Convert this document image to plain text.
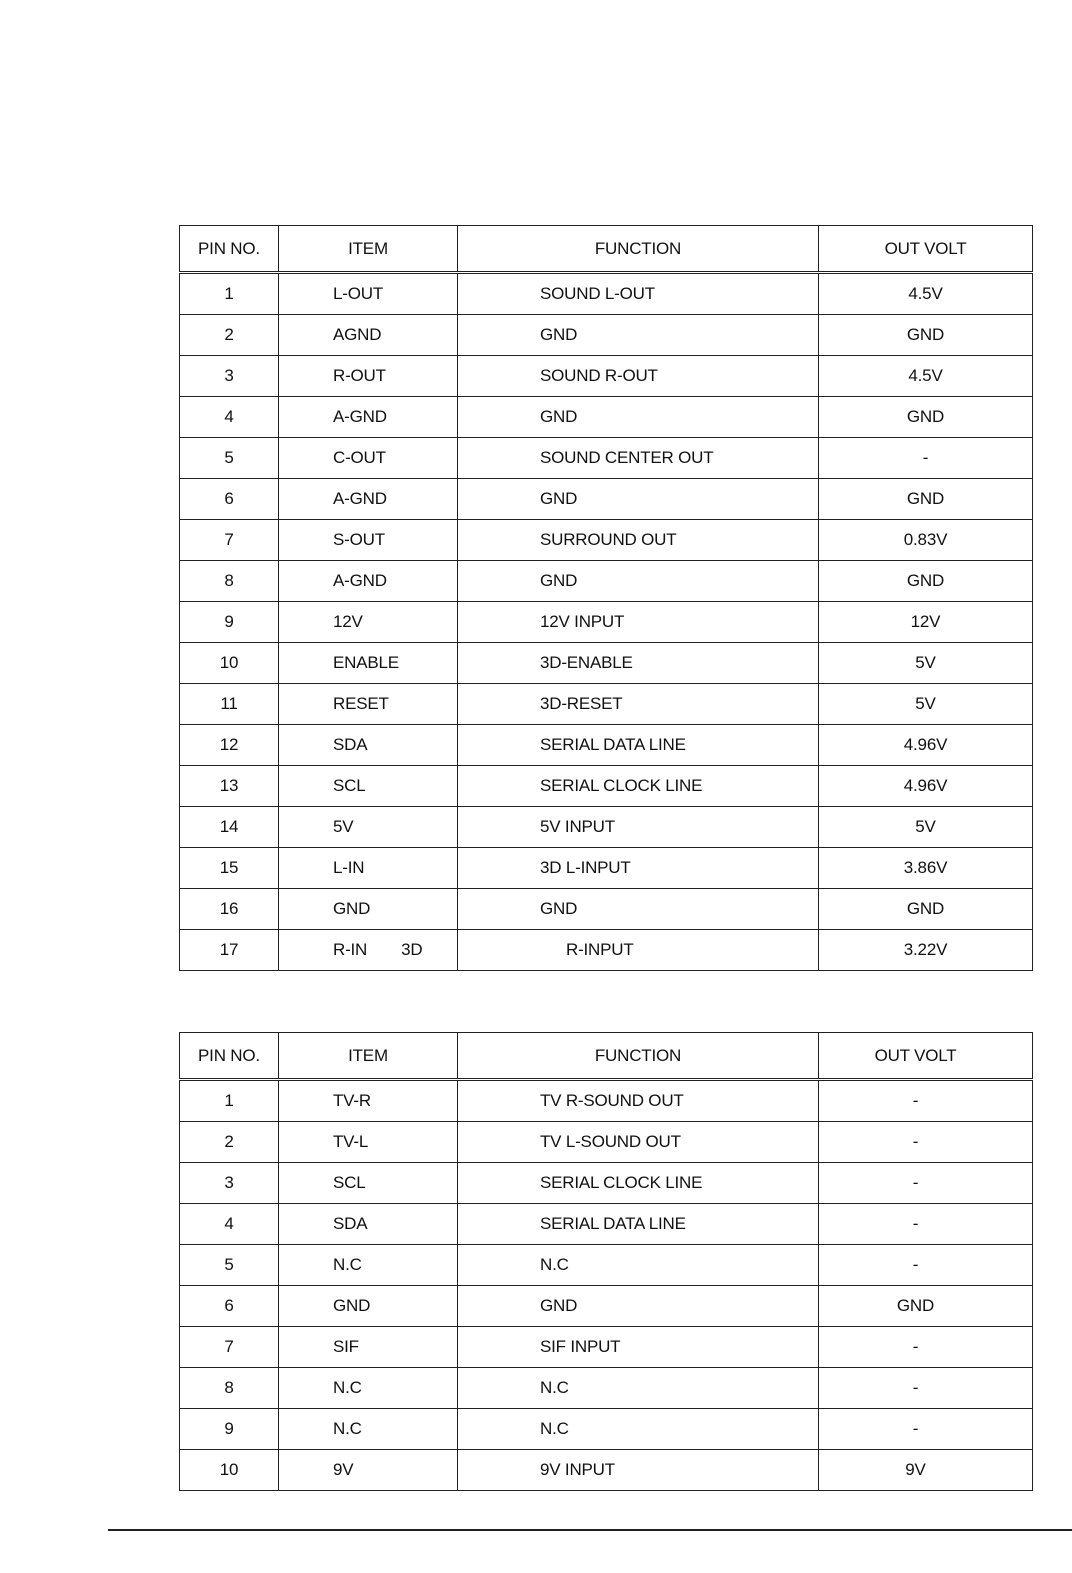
PIN NO.	ITEM	FUNCTION	OUT VOLT
1	L-OUT	SOUND L-OUT	4.5V
2	AGND	GND	GND
3	R-OUT	SOUND R-OUT	4.5V
4	A-GND	GND	GND
5	C-OUT	SOUND CENTER OUT	-
6	A-GND	GND	GND
7	S-OUT	SURROUND OUT	0.83V
8	A-GND	GND	GND
9	12V	12V INPUT	12V
10	ENABLE	3D-ENABLE	5V
11	RESET	3D-RESET	5V
12	SDA	SERIAL DATA LINE	4.96V
13	SCL	SERIAL CLOCK LINE	4.96V
14	5V	5V INPUT	5V
15	L-IN	3D L-INPUT	3.86V
16	GND	GND	GND
17	R-IN 3D	R-INPUT	3.22V
PIN NO.	ITEM	FUNCTION	OUT VOLT
1	TV-R	TV R-SOUND OUT	-
2	TV-L	TV L-SOUND OUT	-
3	SCL	SERIAL CLOCK LINE	-
4	SDA	SERIAL DATA LINE	-
5	N.C	N.C	-
6	GND	GND	GND
7	SIF	SIF INPUT	-
8	N.C	N.C	-
9	N.C	N.C	-
10	9V	9V INPUT	9V
